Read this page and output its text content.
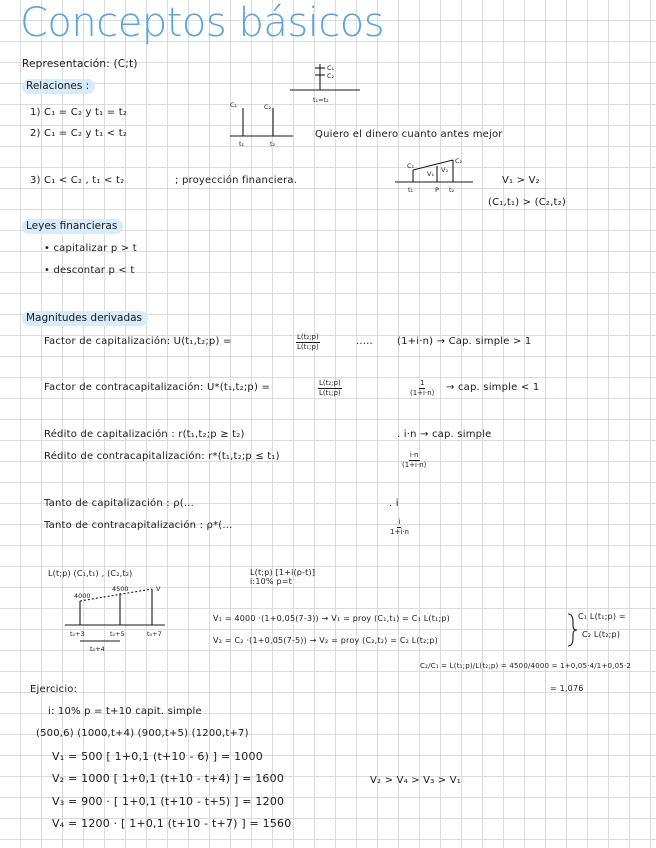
Conceptos básicos
Representación: (C;t)
Relaciones :
1) C₁ = C₂ y t₁ = t₂
2) C₁ = C₂ y t₁ < t₂	Quiero el dinero cuanto antes mejor
3) C₁ < C₂ , t₁ < t₂	; proyección financiera.	V₁ > V₂
(C₁,t₁) > (C₂,t₂)
C₁
C₂
t₁=t₂
C₁	C₂
t₁	t₂
C₁
C₂
V₁ V₂
t₁	P t₂
Leyes financieras
• capitalizar p > t
• descontar p < t
Magnitudes derivadas
Factor de capitalización: U(t₁,t₂;p) =	$\frac{\text{L(t₂;p)}}{\text{L(t₁;p)}}$	..... (1+i·n) → Cap. simple > 1
Factor de contracapitalización: U*(t₁,t₂;p) =	$\frac{\text{L(t₂;p)}}{\text{L(t₁;p)}}$	$\frac{1}{(1+i\cdot n)}$ → cap. simple < 1
Rédito de capitalización : r(t₁,t₂;p ≥ t₂)	. i·n → cap. simple
Rédito de contracapitalización: r*(t₁,t₂;p ≤ t₁)	$\frac{i\cdot n}{(1+i\cdot n)}$
Tanto de capitalización : ρ(...	. i
Tanto de contracapitalización : ρ*(...	$\frac{i}{1+i\cdot n}$
L(t;p) (C₁,t₁) , (C₂,t₂)	L(t;p) [1+i(p-t)]
i:10% p=t
4000
4500	V
t₀+3	t₀+5	t₀+7
t₀+4
V₁ = 4000 ·(1+0,05(7-3)) → V₁ = proy (C₁,t₁) = C₁ L(t₁;p)
V₂ = C₂ ·(1+0,05(7-5)) → V₂ = proy (C₂,t₂) = C₂ L(t₂;p)
C₁ L(t₁;p) =
C₂ L(t₂;p)
C₂/C₁ = L(t₁;p)/L(t₂;p) = 4500/4000 = 1+0,05·4/1+0,05·2
= 1,076
Ejercicio:
i: 10% p = t+10 capit. simple
(500,6) (1000,t+4) (900,t+5) (1200,t+7)
V₁ = 500 [ 1+0,1 (t+10 - 6) ] = 1000
V₂ = 1000 [ 1+0,1 (t+10 - t+4) ] = 1600
V₃ = 900 · [ 1+0,1 (t+10 - t+5) ] = 1200
V₄ = 1200 · [ 1+0,1 (t+10 - t+7) ] = 1560
V₂ > V₄ > V₃ > V₁
